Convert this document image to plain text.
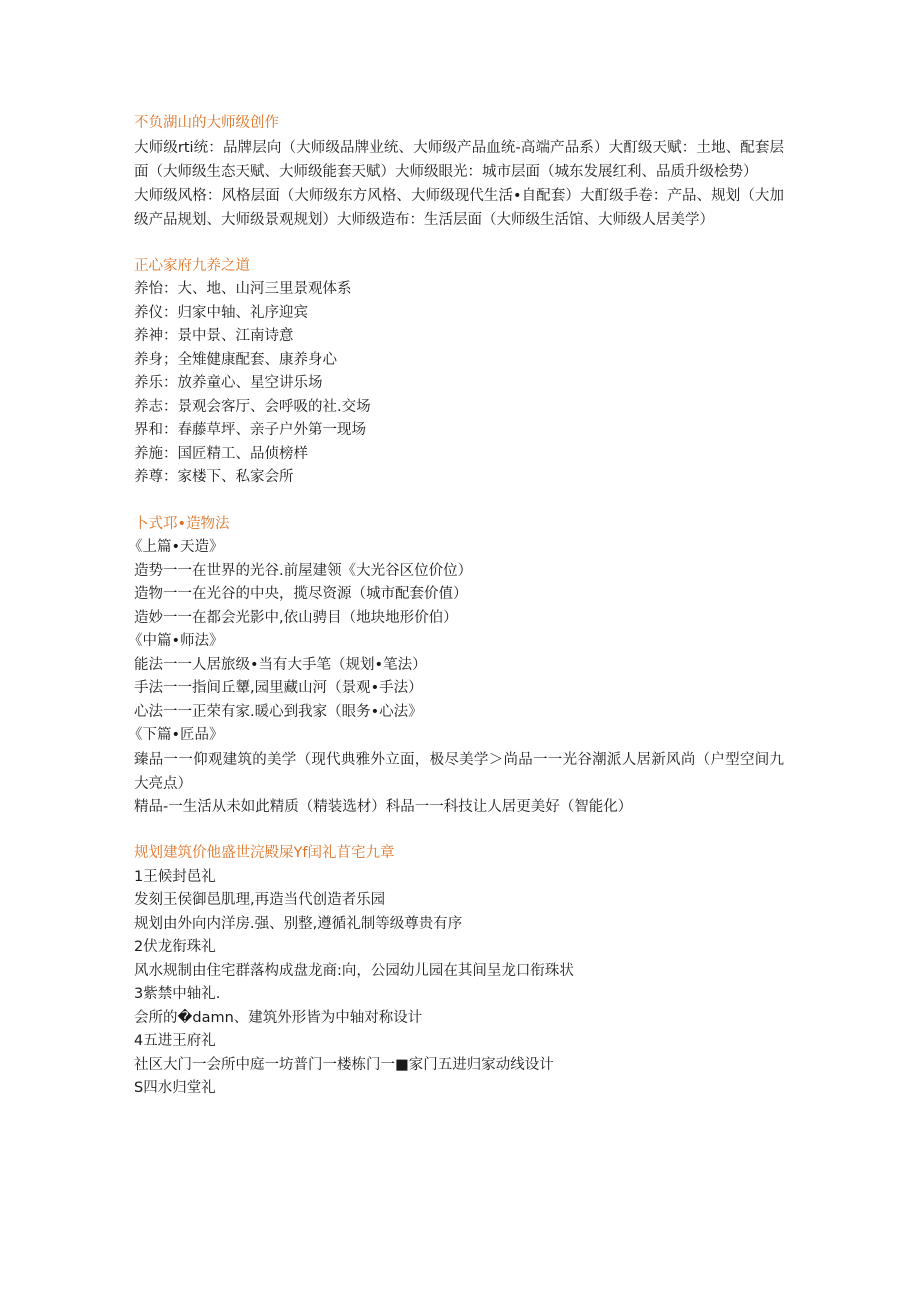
不负湖山的大师级创作
大师级rti统：品牌层向（大师级品牌业统、大师级产品血统-高端产品系）大酊级天赋：土地、配套层面（大师级生态天赋、大师级能套天赋）大师级眼光：城市层面（城东发展红利、品质升级桧势）
大师级风格：风格层面（大师级东方风格、大师级现代生活•自配套）大酊级手卷：产品、规划（大加级产品规划、大师级景观规划）大师级造布：生活层面（大师级生活馆、大师级人居美学）
正心家府九养之道
养怡：大、地、山河三里景观体系
养仪：归家中轴、礼序迎宾
养神：景中景、江南诗意
养身；全雉健康配套、康养身心
养乐：放养童心、星空讲乐场
养志：景观会客厅、会呼吸的社.交场
界和：春藤草坪、亲子户外第一现场
养施：国匠精工、品侦榜样
养尊：家楼下、私家会所
卜式邛•造物法
《上篇•天造》
造势一一在世界的光谷.前屋建领《大光谷区位价位）
造物一一在光谷的中央，揽尽资源（城市配套价值）
造妙一一在都会光影中,依山骋目（地块地形价伯）
《中篇•师法》
能法一一人居旅级•当有大手笔（规划•笔法）
手法一一指间丘顰,园里藏山河（景观•手法）
心法一一正荣有家.暖心到我家（眼务•心法》
《下篇•匠品》
臻品一一仰观建筑的美学（现代典雅外立面，极尽美学＞尚品一一光谷潮派人居新风尚（户型空间九大亮点）
精品-一生活从未如此精质（精装选材）科品一一科技让人居更美好（智能化）
规划建筑价他盛世浣殿屎Yf闰礼苜宅九章
1王候封邑礼
发刻王侯御邑肌理,再造当代创造者乐园
规划由外向内洋房.强、别整,遵循礼制等级尊贵有序
2伏龙衔珠礼
风水规制由住宅群落构成盘龙商:向，公园幼儿园在其间呈龙口衔珠状
3紫禁中轴礼.
会所的�damn、建筑外形皆为中轴对称设计
4五进王府礼
社区大门一会所中庭一坊普门一楼栋门一■家门五进归家动线设计
S四水归堂礼
